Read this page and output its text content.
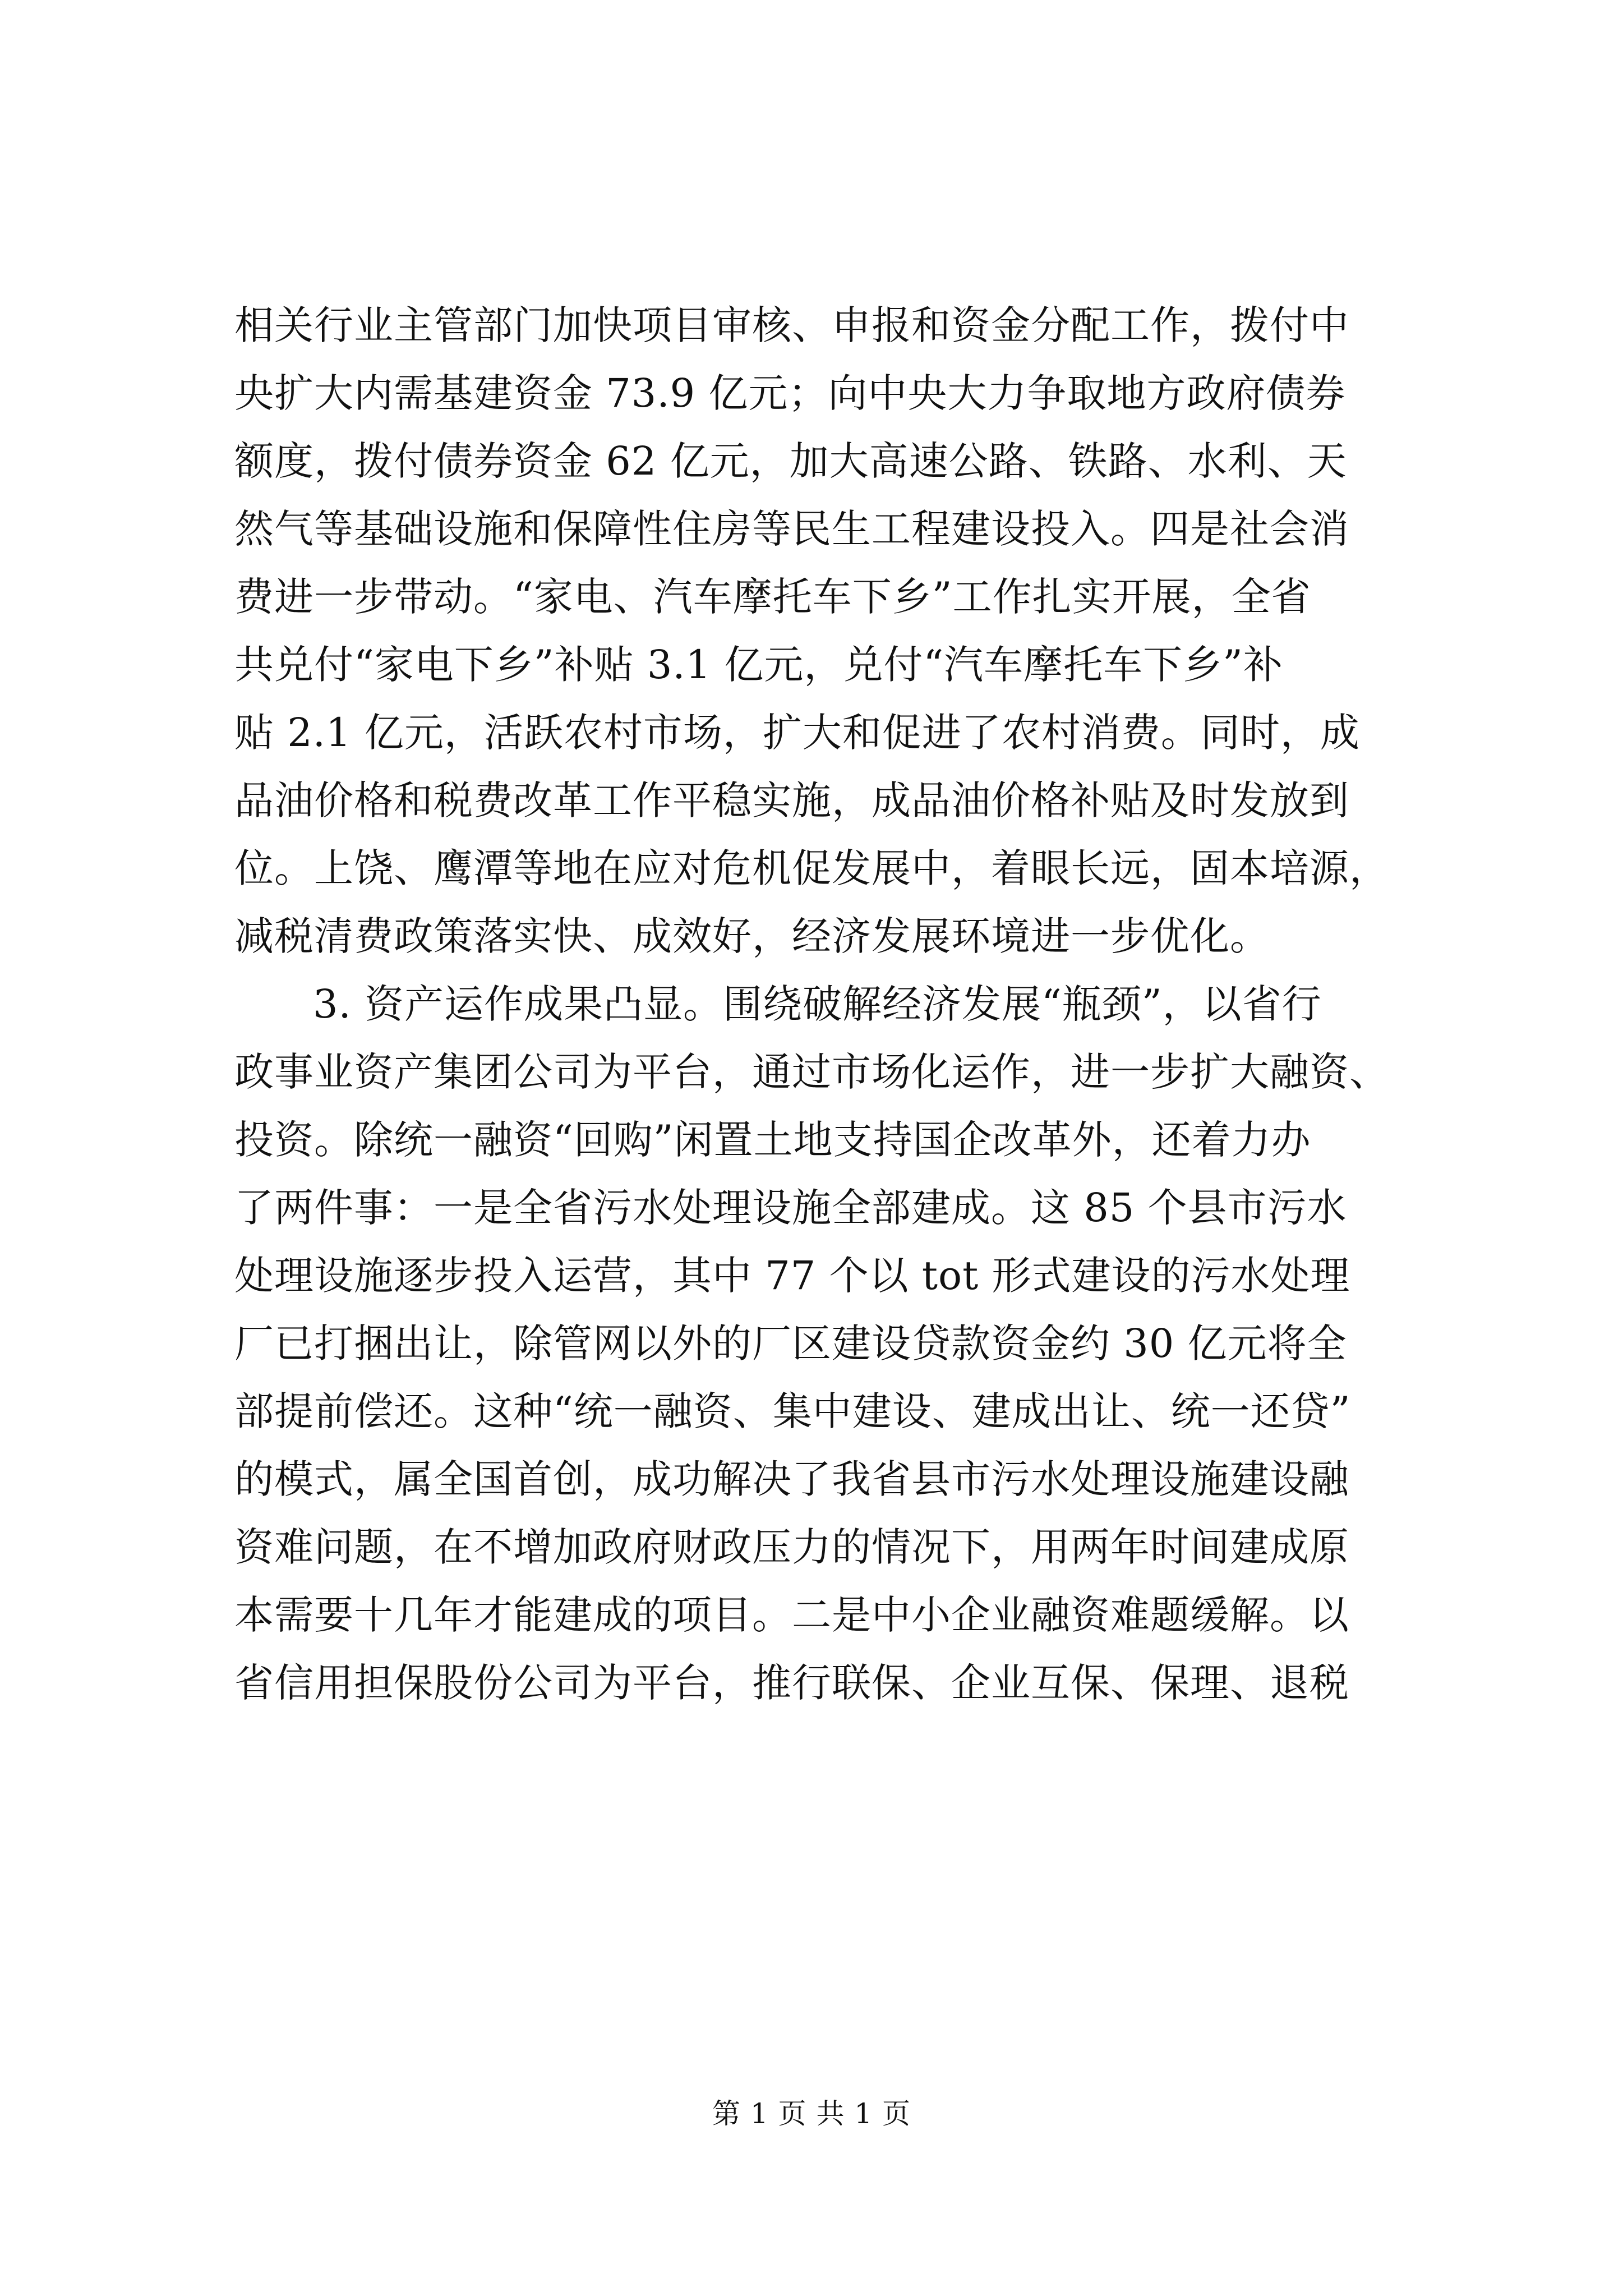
相关行业主管部门加快项目审核、申报和资金分配工作，拨付中
央扩大内需基建资金 73.9 亿元；向中央大力争取地方政府债券
额度，拨付债券资金 62 亿元，加大高速公路、铁路、水利、天
然气等基础设施和保障性住房等民生工程建设投入。四是社会消
费进一步带动。“家电、汽车摩托车下乡”工作扎实开展，全省
共兑付“家电下乡”补贴 3.1 亿元，兑付“汽车摩托车下乡”补
贴 2.1 亿元，活跃农村市场，扩大和促进了农村消费。同时，成
品油价格和税费改革工作平稳实施，成品油价格补贴及时发放到
位。上饶、鹰潭等地在应对危机促发展中，着眼长远，固本培源，
减税清费政策落实快、成效好，经济发展环境进一步优化。
3. 资产运作成果凸显。围绕破解经济发展“瓶颈”，以省行
政事业资产集团公司为平台，通过市场化运作，进一步扩大融资、
投资。除统一融资“回购”闲置土地支持国企改革外，还着力办
了两件事：一是全省污水处理设施全部建成。这 85 个县市污水
处理设施逐步投入运营，其中 77 个以 tot 形式建设的污水处理
厂已打捆出让，除管网以外的厂区建设贷款资金约 30 亿元将全
部提前偿还。这种“统一融资、集中建设、建成出让、统一还贷”
的模式，属全国首创，成功解决了我省县市污水处理设施建设融
资难问题，在不增加政府财政压力的情况下，用两年时间建成原
本需要十几年才能建成的项目。二是中小企业融资难题缓解。以
省信用担保股份公司为平台，推行联保、企业互保、保理、退税
第 1 页 共 1 页
